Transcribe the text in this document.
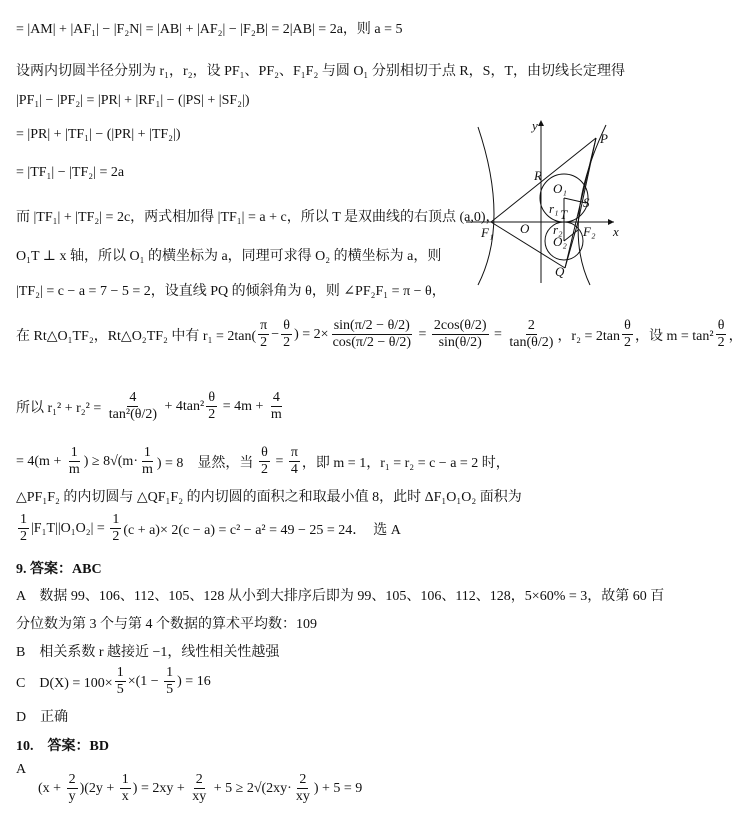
= |AM| + |AF₁| − |F₂N| = |AB| + |AF₂| − |F₂B| = 2|AB| = 2a，则 a = 5
设两内切圆半径分别为 r₁，r₂，设 PF₁、PF₂、F₁F₂ 与圆 O₁ 分别相切于点 R，S，T，由切线长定理得
|PF₁| − |PF₂| = |PR| + |RF₁| − (|PS| + |SF₂|)
= |PR| + |TF₁| − (|PR| + |TF₂|)
= |TF₁| − |TF₂| = 2a
而 |TF₁| + |TF₂| = 2c，两式相加得 |TF₁| = a + c，所以 T 是双曲线的右顶点 (a,0)，
O₁T ⊥ x 轴，所以 O₁ 的横坐标为 a，同理可求得 O₂ 的横坐标为 a，则
|TF₂| = c − a = 7 − 5 = 2，设直线 PQ 的倾斜角为 θ，则 ∠PF₂F₁ = π − θ，
在 Rt△O₁TF₂，Rt△O₂TF₂ 中有 $r_1 = 2\tan( \frac{\pi}{2} - \frac{\theta}{2}$ ) = $2\times \frac{\sin(\pi/2 - \theta/2)}{\cos(\pi/2 - \theta/2)} = \frac{2\cos(\theta/2)}{\sin(\theta/2)} = \frac{2}{\tan(\theta/2)}$ ，$r_2 = 2\tan \frac{\theta}{2}$ ，设 $m = \tan^2 \frac{\theta}{2}$ ，
所以 $r_1^2 + r_2^2 = \frac{4}{\text{tan²(θ/2)}} + 4\tan^2 \frac{\theta}{2} = 4m + \frac{4}{m}$
= $4(m + \frac{1}{m}$ ) ≥ $8√(m\cdot \frac{1}{m}$ ) = 8　显然，当 $\frac{\theta}{2} = \frac{\pi}{4}$ ，即 m = 1，r₁ = r₂ = c − a = 2 时，
△PF₁F₂ 的内切圆与 △QF₁F₂ 的内切圆的面积之和取最小值 8，此时 ΔF₁O₁O₂ 面积为
$\frac{1}{2} |F_1T||O_1O_2| = \frac{1}{2} (c + a)\times 2(c - a) = c^2 - a^2 = 49 - 25 = 24$．　选 A
9. 答案：ABC
A　数据 99、106、112、105、128 从小到大排序后即为 99、105、106、112、128，5×60% = 3，故第 60 百
分位数为第 3 个与第 4 个数据的算术平均数：109
B　相关系数 r 越接近 −1，线性相关性越强
C　$D(X) = 100\times \frac{1}{5} \times(1 - \frac{1}{5}$ ) = 16
D　正确
10.　答案：BD
A
$(x + \frac{2}{y} )(2y + \frac{1}{x}$ ) = $2xy + \frac{2}{xy} + 5 \ge 2√(2xy\cdot \frac{2}{xy}$ ) + 5 = 9
y
x
P
R
O₁
S
r₁ T
F₁ O r₂ F₂
O₂
Q
